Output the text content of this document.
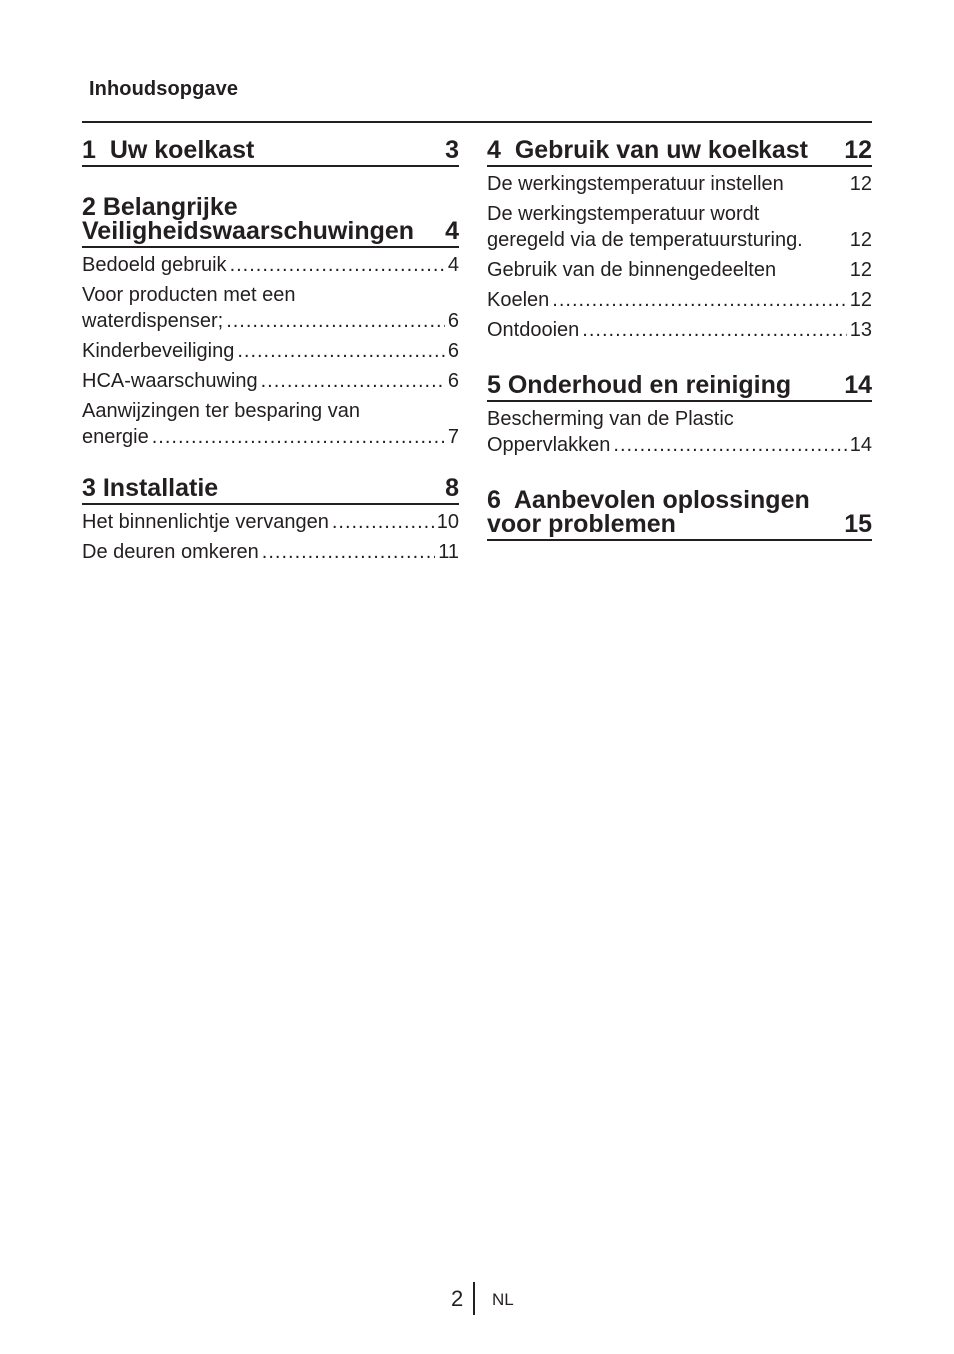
Inhoudsopgave
1 Uw koelkast	3
2 Belangrijke
Veiligheidswaarschuwingen 4
Bedoeld gebruik .....	4
Voor producten met een
waterdispenser; .....	6
Kinderbeveiliging .....	6
HCA-waarschuwing .....	6
Aanwijzingen ter besparing van
energie .....	7
3 Installatie	8
Het binnenlichtje vervangen .....	10
De deuren omkeren .....	11
4 Gebruik van uw koelkast 12
De werkingstemperatuur instellen	12
De werkingstemperatuur wordt
geregeld via de temperatuursturing. 12
Gebruik van de binnengedeelten	12
Koelen .....	12
Ontdooien .....	13
5 Onderhoud en reiniging 14
Bescherming van de Plastic
Oppervlakken .....	14
6  Aanbevolen oplossingen
voor problemen	15
2 NL
